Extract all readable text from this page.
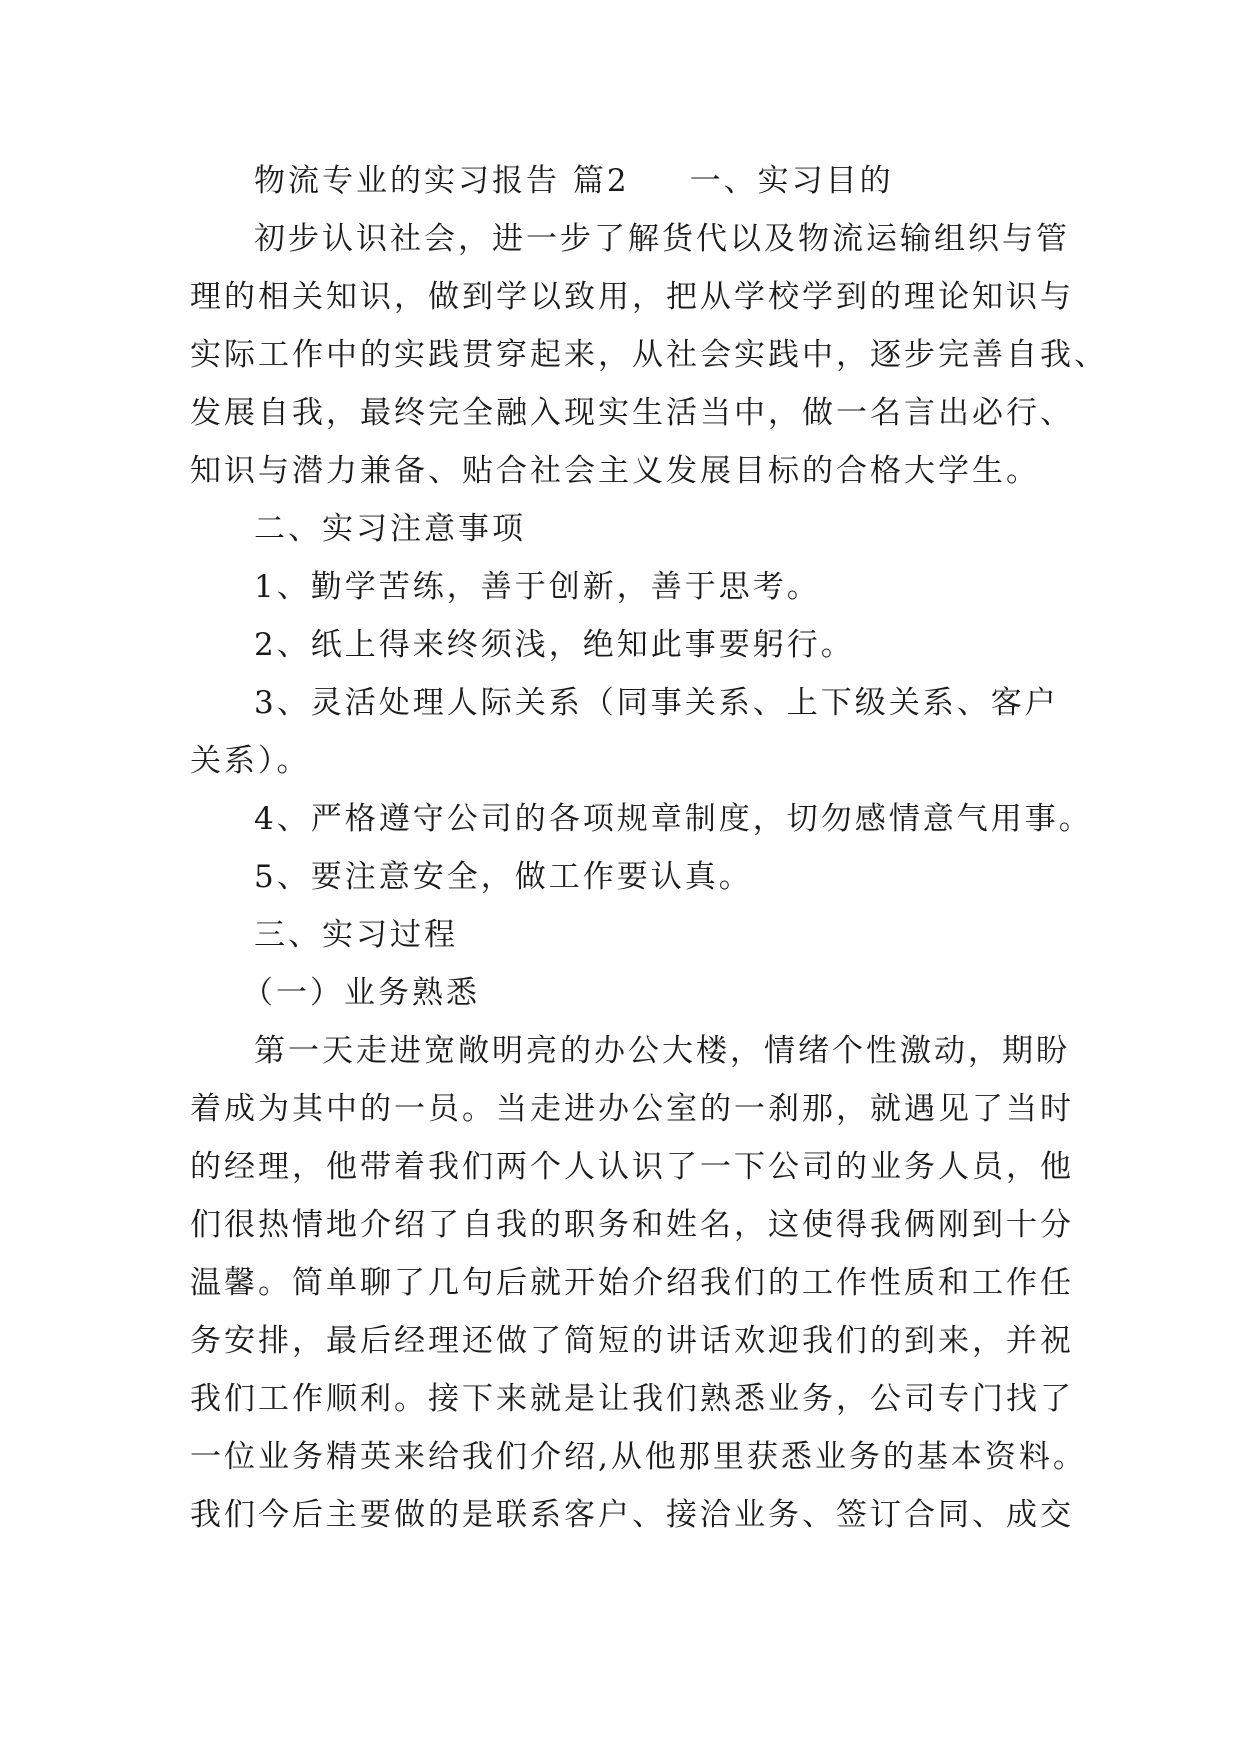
物流专业的实习报告 篇2 一、实习目的
初步认识社会，进一步了解货代以及物流运输组织与管
理的相关知识，做到学以致用，把从学校学到的理论知识与
实际工作中的实践贯穿起来，从社会实践中，逐步完善自我、
发展自我，最终完全融入现实生活当中，做一名言出必行、
知识与潜力兼备、贴合社会主义发展目标的合格大学生。
二、实习注意事项
1、勤学苦练，善于创新，善于思考。
2、纸上得来终须浅，绝知此事要躬行。
3、灵活处理人际关系（同事关系、上下级关系、客户
关系）。
4、严格遵守公司的各项规章制度，切勿感情意气用事。
5、要注意安全，做工作要认真。
三、实习过程
（一）业务熟悉
第一天走进宽敞明亮的办公大楼，情绪个性激动，期盼
着成为其中的一员。当走进办公室的一刹那，就遇见了当时
的经理，他带着我们两个人认识了一下公司的业务人员，他
们很热情地介绍了自我的职务和姓名，这使得我俩刚到十分
温馨。简单聊了几句后就开始介绍我们的工作性质和工作任
务安排，最后经理还做了简短的讲话欢迎我们的到来，并祝
我们工作顺利。接下来就是让我们熟悉业务，公司专门找了
一位业务精英来给我们介绍,从他那里获悉业务的基本资料。
我们今后主要做的是联系客户、接洽业务、签订合同、成交
